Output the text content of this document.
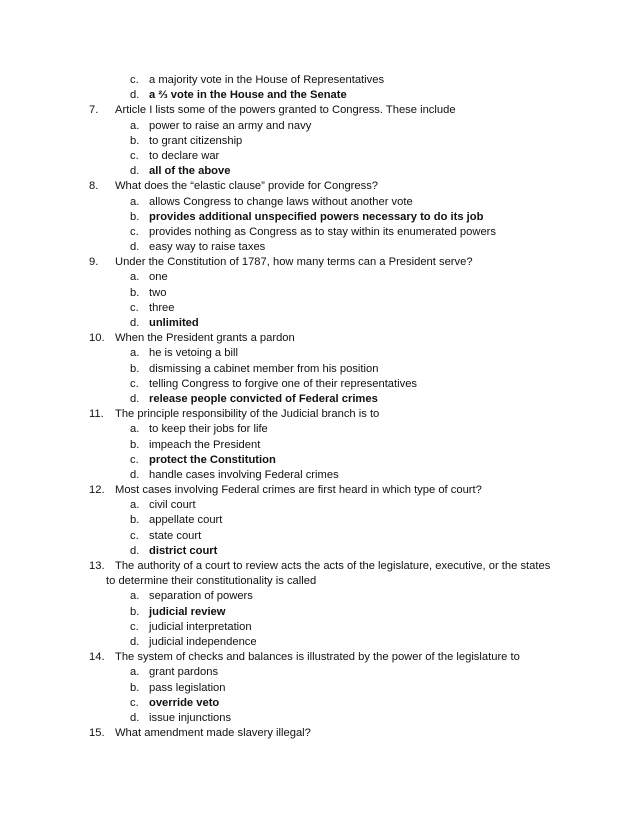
c. a majority vote in the House of Representatives
d. a ⅔ vote in the House and the Senate
7. Article I lists some of the powers granted to Congress. These include
a. power to raise an army and navy
b. to grant citizenship
c. to declare war
d. all of the above
8. What does the “elastic clause” provide for Congress?
a. allows Congress to change laws without another vote
b. provides additional unspecified powers necessary to do its job
c. provides nothing as Congress as to stay within its enumerated powers
d. easy way to raise taxes
9. Under the Constitution of 1787, how many terms can a President serve?
a. one
b. two
c. three
d. unlimited
10. When the President grants a pardon
a. he is vetoing a bill
b. dismissing a cabinet member from his position
c. telling Congress to forgive one of their representatives
d. release people convicted of Federal crimes
11. The principle responsibility of the Judicial branch is to
a. to keep their jobs for life
b. impeach the President
c. protect the Constitution
d. handle cases involving Federal crimes
12. Most cases involving Federal crimes are first heard in which type of court?
a. civil court
b. appellate court
c. state court
d. district court
13. The authority of a court to review acts the acts of the legislature, executive, or the states
to determine their constitutionality is called
a. separation of powers
b. judicial review
c. judicial interpretation
d. judicial independence
14. The system of checks and balances is illustrated by the power of the legislature to
a. grant pardons
b. pass legislation
c. override veto
d. issue injunctions
15. What amendment made slavery illegal?
